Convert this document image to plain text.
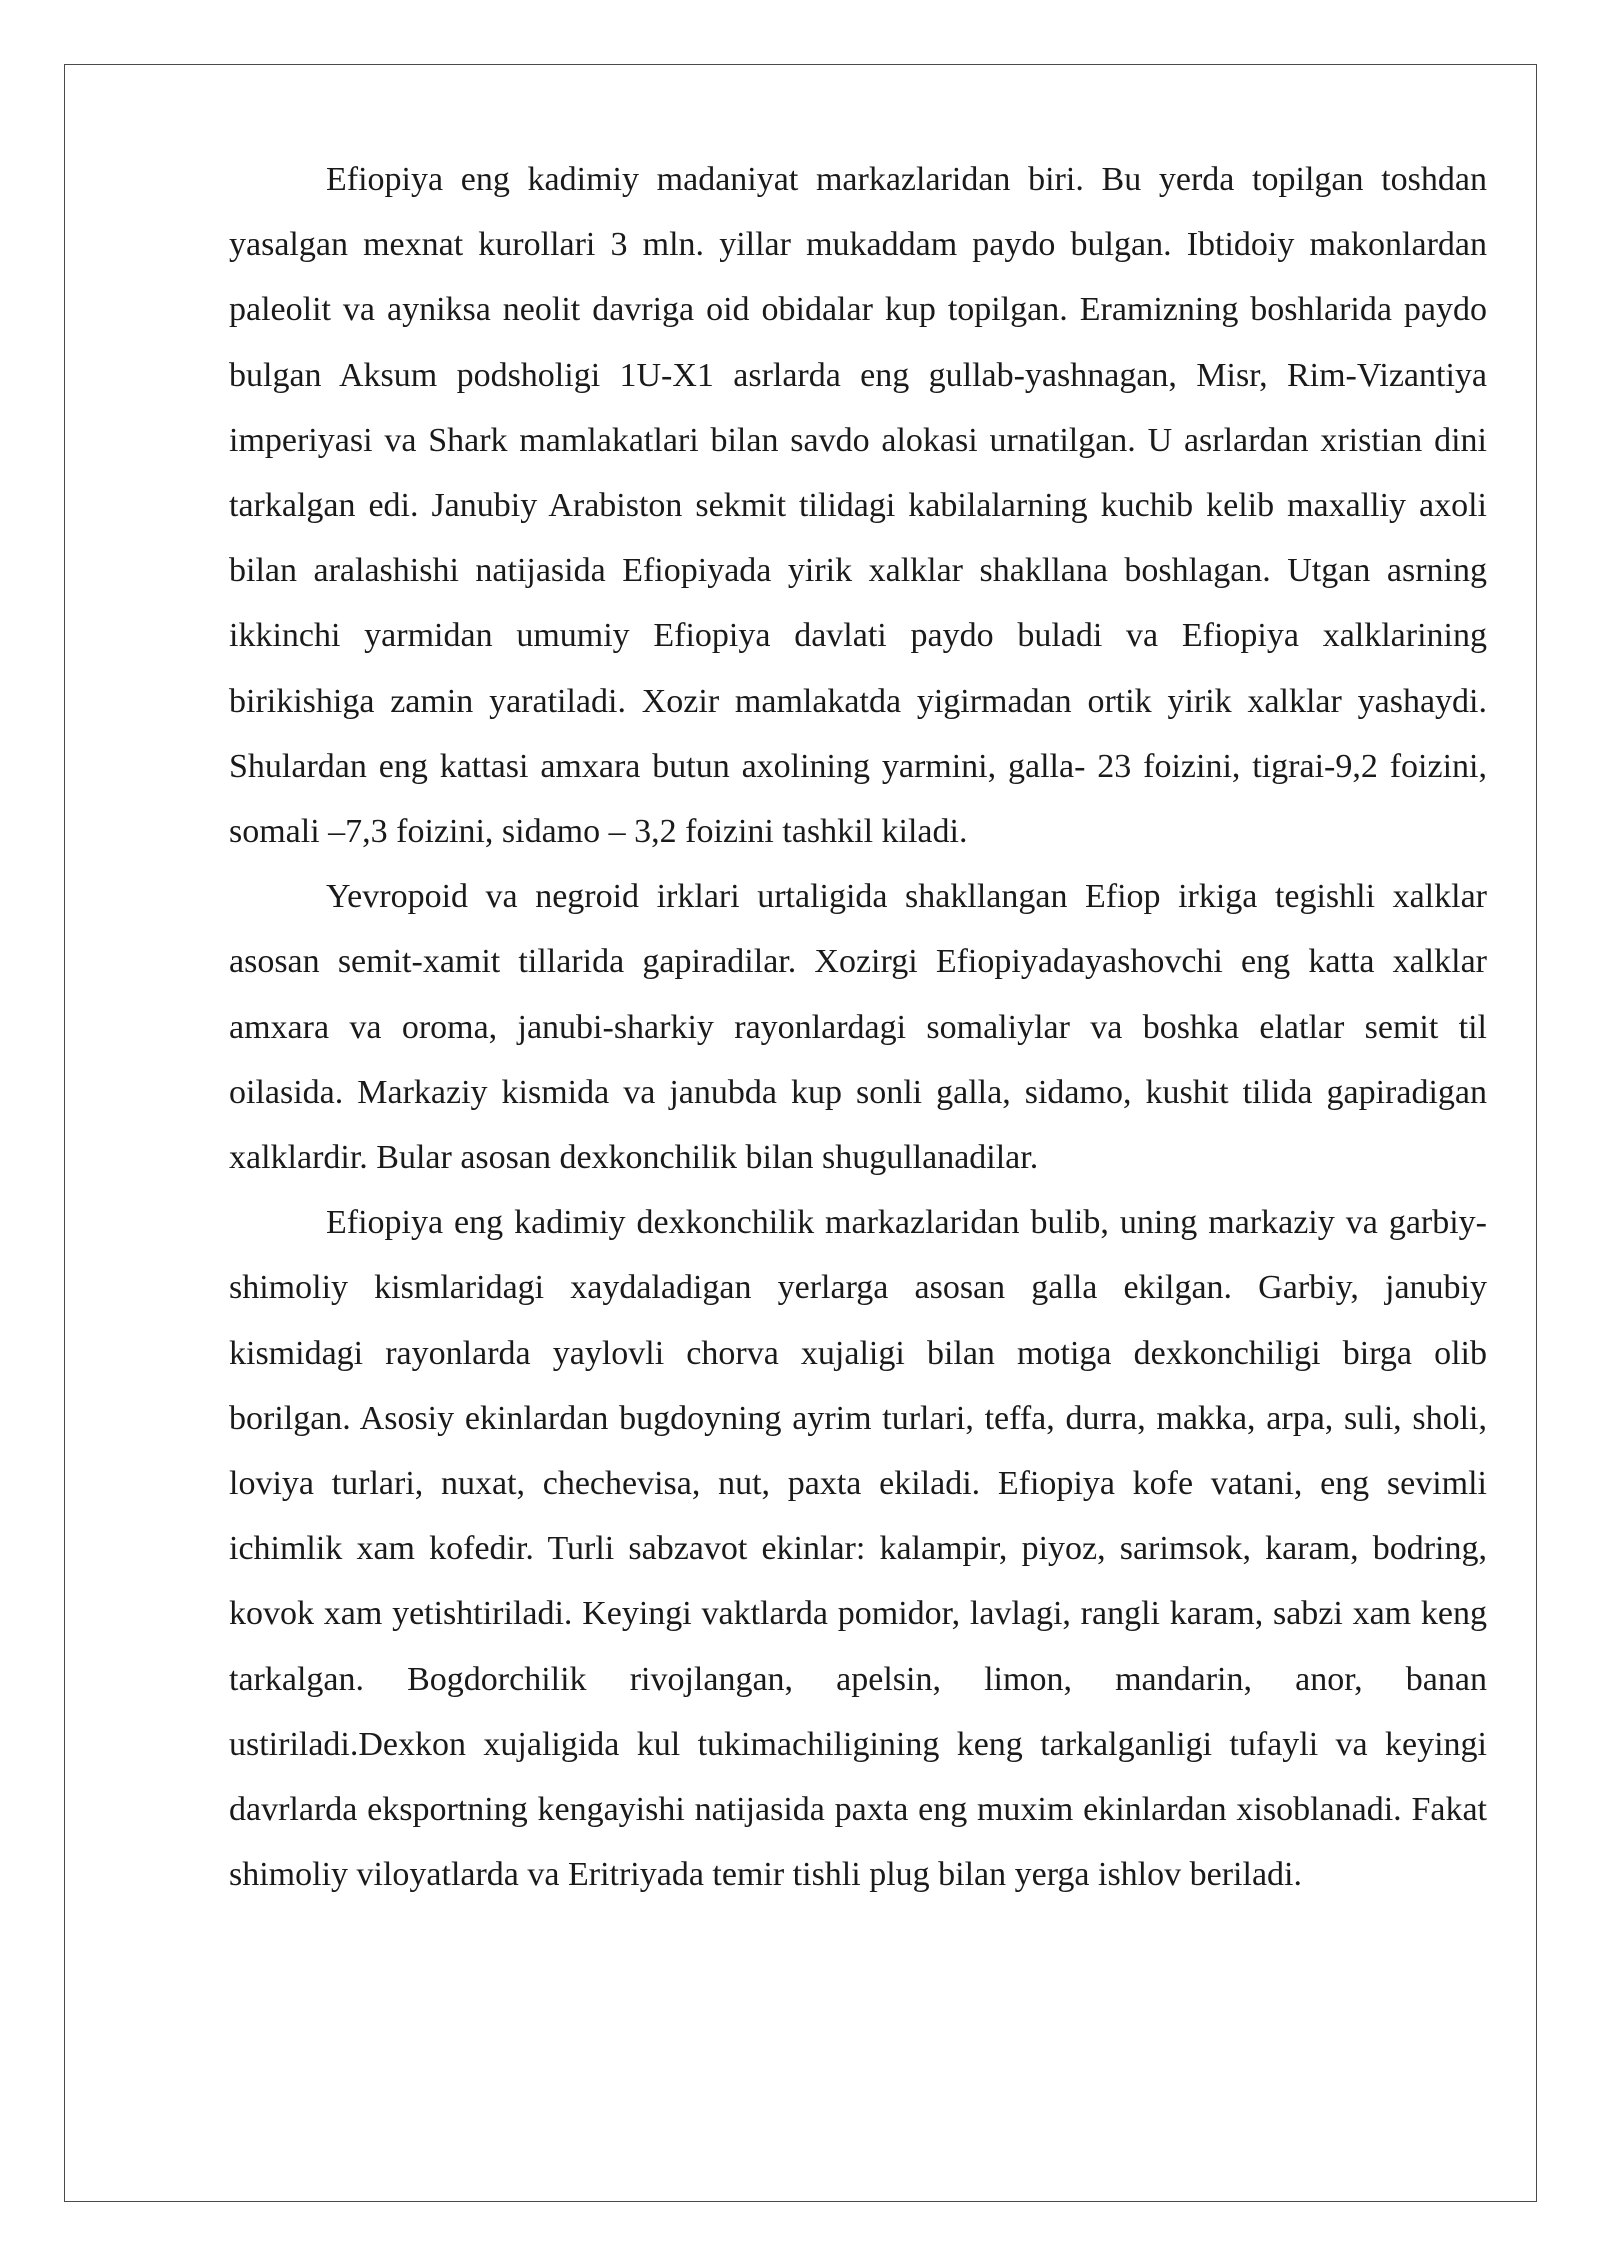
Efiopiya eng kadimiy madaniyat markazlaridan biri. Bu yerda topilgan toshdan yasalgan mexnat kurollari 3 mln. yillar mukaddam paydo bulgan. Ibtidoiy makonlardan paleolit va ayniksa neolit davriga oid obidalar kup topilgan. Eramizning boshlarida paydo bulgan Aksum podsholigi 1U-X1 asrlarda eng gullab-yashnagan, Misr, Rim-Vizantiya imperiyasi va Shark mamlakatlari bilan savdo alokasi urnatilgan. U asrlardan xristian dini tarkalgan edi. Janubiy Arabiston sekmit tilidagi kabilalarning kuchib kelib maxalliy axoli bilan aralashishi natijasida Efiopiyada yirik xalklar shakllana boshlagan. Utgan asrning ikkinchi yarmidan umumiy Efiopiya davlati paydo buladi va Efiopiya xalklarining birikishiga zamin yaratiladi. Xozir mamlakatda yigirmadan ortik yirik xalklar yashaydi. Shulardan eng kattasi amxara butun axolining yarmini, galla- 23 foizini, tigrai-9,2 foizini, somali –7,3 foizini, sidamo – 3,2 foizini tashkil kiladi.

Yevropoid va negroid irklari urtaligida shakllangan Efiop irkiga tegishli xalklar asosan semit-xamit tillarida gapiradilar. Xozirgi Efiopiyadayashovchi eng katta xalklar amxara va oroma, janubi-sharkiy rayonlardagi somaliylar va boshka elatlar semit til oilasida. Markaziy kismida va janubda kup sonli galla, sidamo, kushit tilida gapiradigan xalklardir. Bular asosan dexkonchilik bilan shugullanadilar.

Efiopiya eng kadimiy dexkonchilik markazlaridan bulib, uning markaziy va garbiy-shimoliy kismlaridagi xaydaladigan yerlarga asosan galla ekilgan. Garbiy, janubiy kismidagi rayonlarda yaylovli chorva xujaligi bilan motiga dexkonchiligi birga olib borilgan. Asosiy ekinlardan bugdoyning ayrim turlari, teffa, durra, makka, arpa, suli, sholi, loviya turlari, nuxat, chechevisa, nut, paxta ekiladi. Efiopiya kofe vatani, eng sevimli ichimlik xam kofedir. Turli sabzavot ekinlar: kalampir, piyoz, sarimsok, karam, bodring, kovok xam yetishtiriladi. Keyingi vaktlarda pomidor, lavlagi, rangli karam, sabzi xam keng tarkalgan. Bogdorchilik rivojlangan, apelsin, limon, mandarin, anor, banan ustiriladi.Dexkon xujaligida kul tukimachiligining keng tarkalganligi tufayli va keyingi davrlarda eksportning kengayishi natijasida paxta eng muxim ekinlardan xisoblanadi. Fakat shimoliy viloyatlarda va Eritriyada temir tishli plug bilan yerga ishlov beriladi.
